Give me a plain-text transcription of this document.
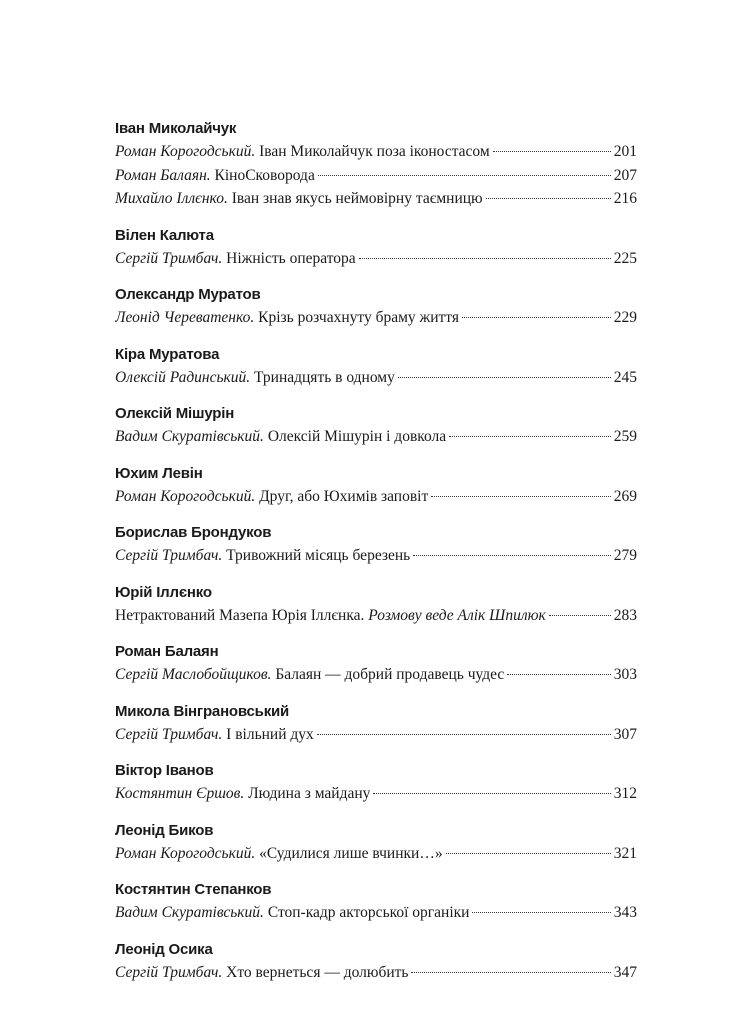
Іван Миколайчук
Роман Корогодський. Іван Миколайчук поза іконостасом	201
Роман Балаян. КіноСковорода	207
Михайло Іллєнко. Іван знав якусь неймовірну таємницю	216
Вілен Калюта
Сергій Тримбач. Ніжність оператора	225
Олександр Муратов
Леонід Череватенко. Крізь розчахнуту браму життя	229
Кіра Муратова
Олексій Радинський. Тринадцять в одному	245
Олексій Мішурін
Вадим Скуратівський. Олексій Мішурін і довкола	259
Юхим Левін
Роман Корогодський. Друг, або Юхимів заповіт	269
Борислав Брондуков
Сергій Тримбач. Тривожний місяць березень	279
Юрій Іллєнко
Нетрактований Мазепа Юрія Іллєнка. Розмову веде Алік Шпилюк	283
Роман Балаян
Сергій Маслобойщиков. Балаян — добрий продавець чудес	303
Микола Вінграновський
Сергій Тримбач. І вільний дух	307
Віктор Іванов
Костянтин Єршов. Людина з майдану	312
Леонід Биков
Роман Корогодський. «Судилися лише вчинки…»	321
Костянтин Степанков
Вадим Скуратівський. Стоп-кадр акторської органіки	343
Леонід Осика
Сергій Тримбач. Хто вернеться — долюбить	347
